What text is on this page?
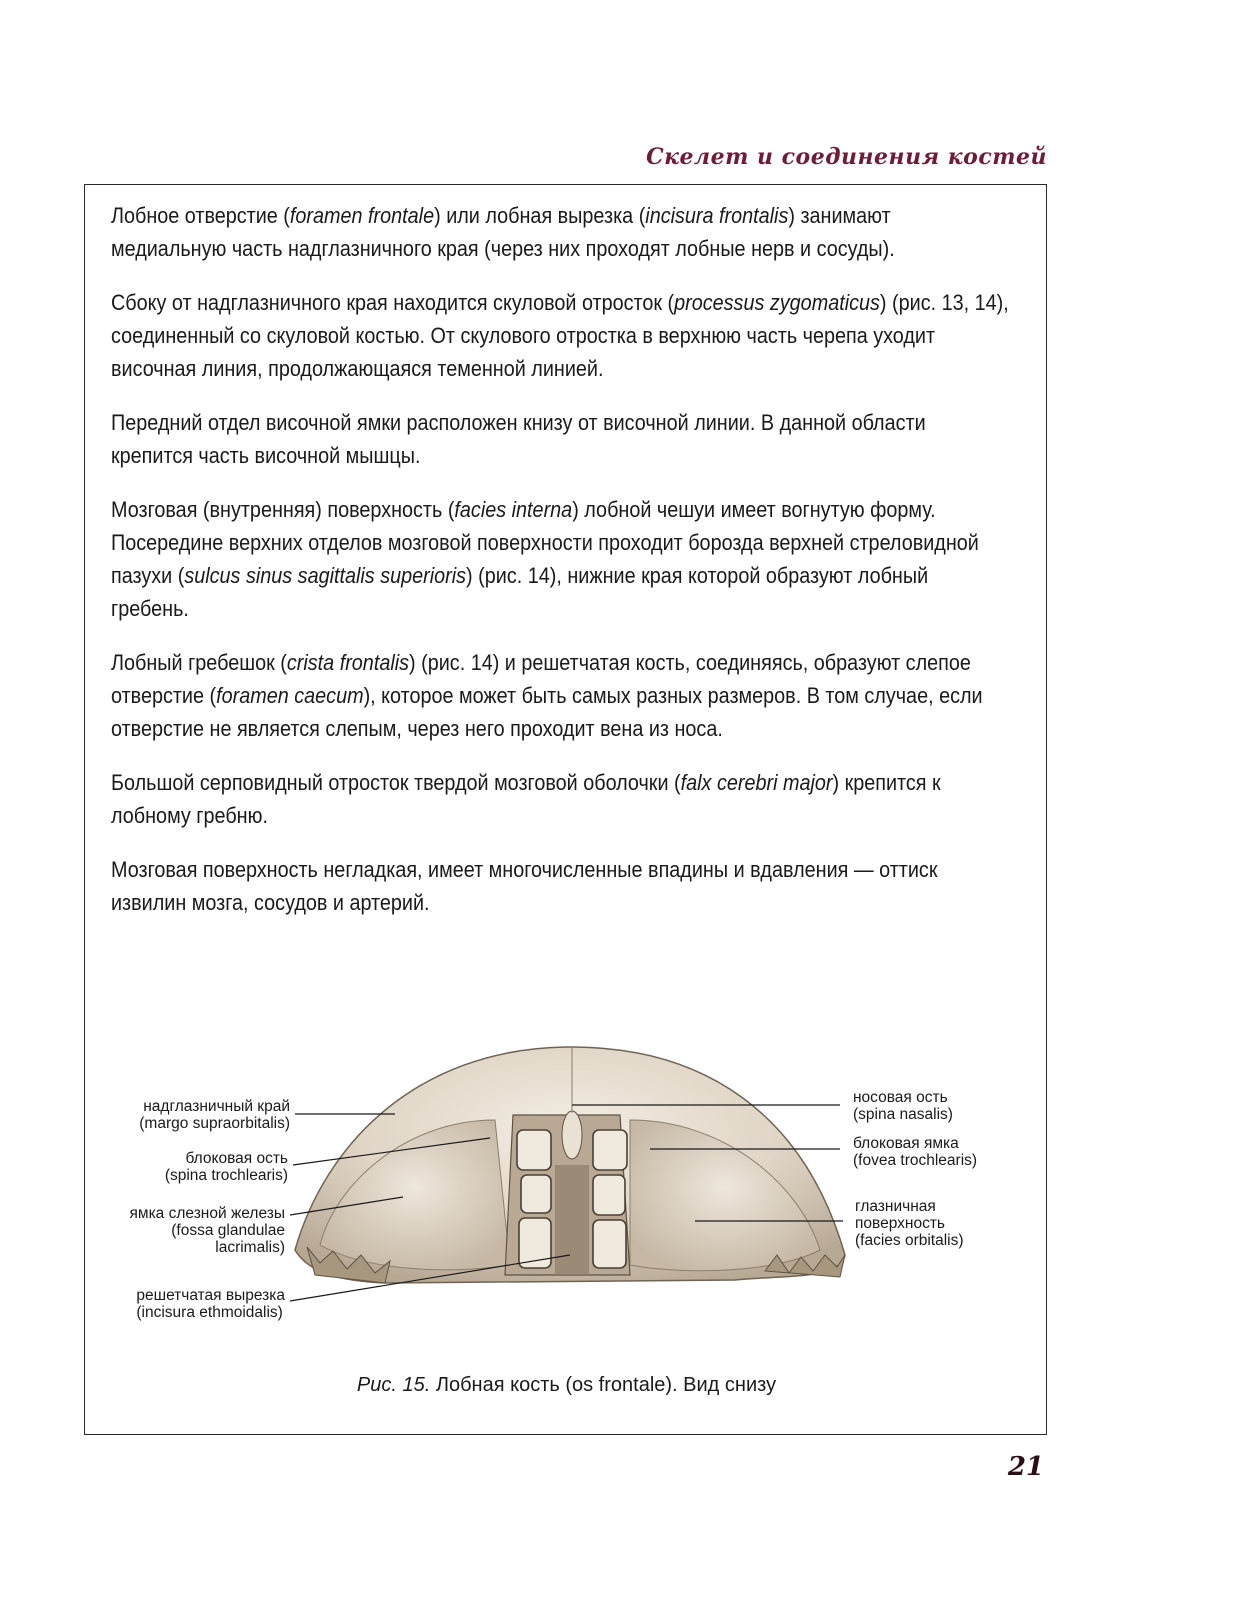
Скелет и соединения костей

Лобное отверстие (foramen frontale) или лобная вырезка (incisura frontalis) занимают медиальную часть надглазничного края (через них проходят лобные нерв и сосуды).

Сбоку от надглазничного края находится скуловой отросток (processus zygomaticus) (рис. 13, 14), соединенный со скуловой костью. От скулового отростка в верхнюю часть черепа уходит височная линия, продолжающаяся теменной линией.

Передний отдел височной ямки расположен книзу от височной линии. В данной области крепится часть височной мышцы.

Мозговая (внутренняя) поверхность (facies interna) лобной чешуи имеет вогнутую форму. Посередине верхних отделов мозговой поверхности проходит борозда верхней стреловидной пазухи (sulcus sinus sagittalis superioris) (рис. 14), нижние края которой образуют лобный гребень.

Лобный гребешок (crista frontalis) (рис. 14) и решетчатая кость, соединяясь, образуют слепое отверстие (foramen caecum), которое может быть самых разных размеров. В том случае, если отверстие не является слепым, через него проходит вена из носа.

Большой серповидный отросток твердой мозговой оболочки (falx cerebri major) крепится к лобному гребню.

Мозговая поверхность негладкая, имеет многочисленные впадины и вдавления — оттиск извилин мозга, сосудов и артерий.

надглазничный край
(margo supraorbitalis)
блоковая ость
(spina trochlearis)
ямка слезной железы
(fossa glandulae
lacrimalis)
решетчатая вырезка
(incisura ethmoidalis)
носовая ость
(spina nasalis)
блоковая ямка
(fovea trochlearis)
глазничная
поверхность
(facies orbitalis)
Рис. 15. Лобная кость (os frontale). Вид снизу
21
